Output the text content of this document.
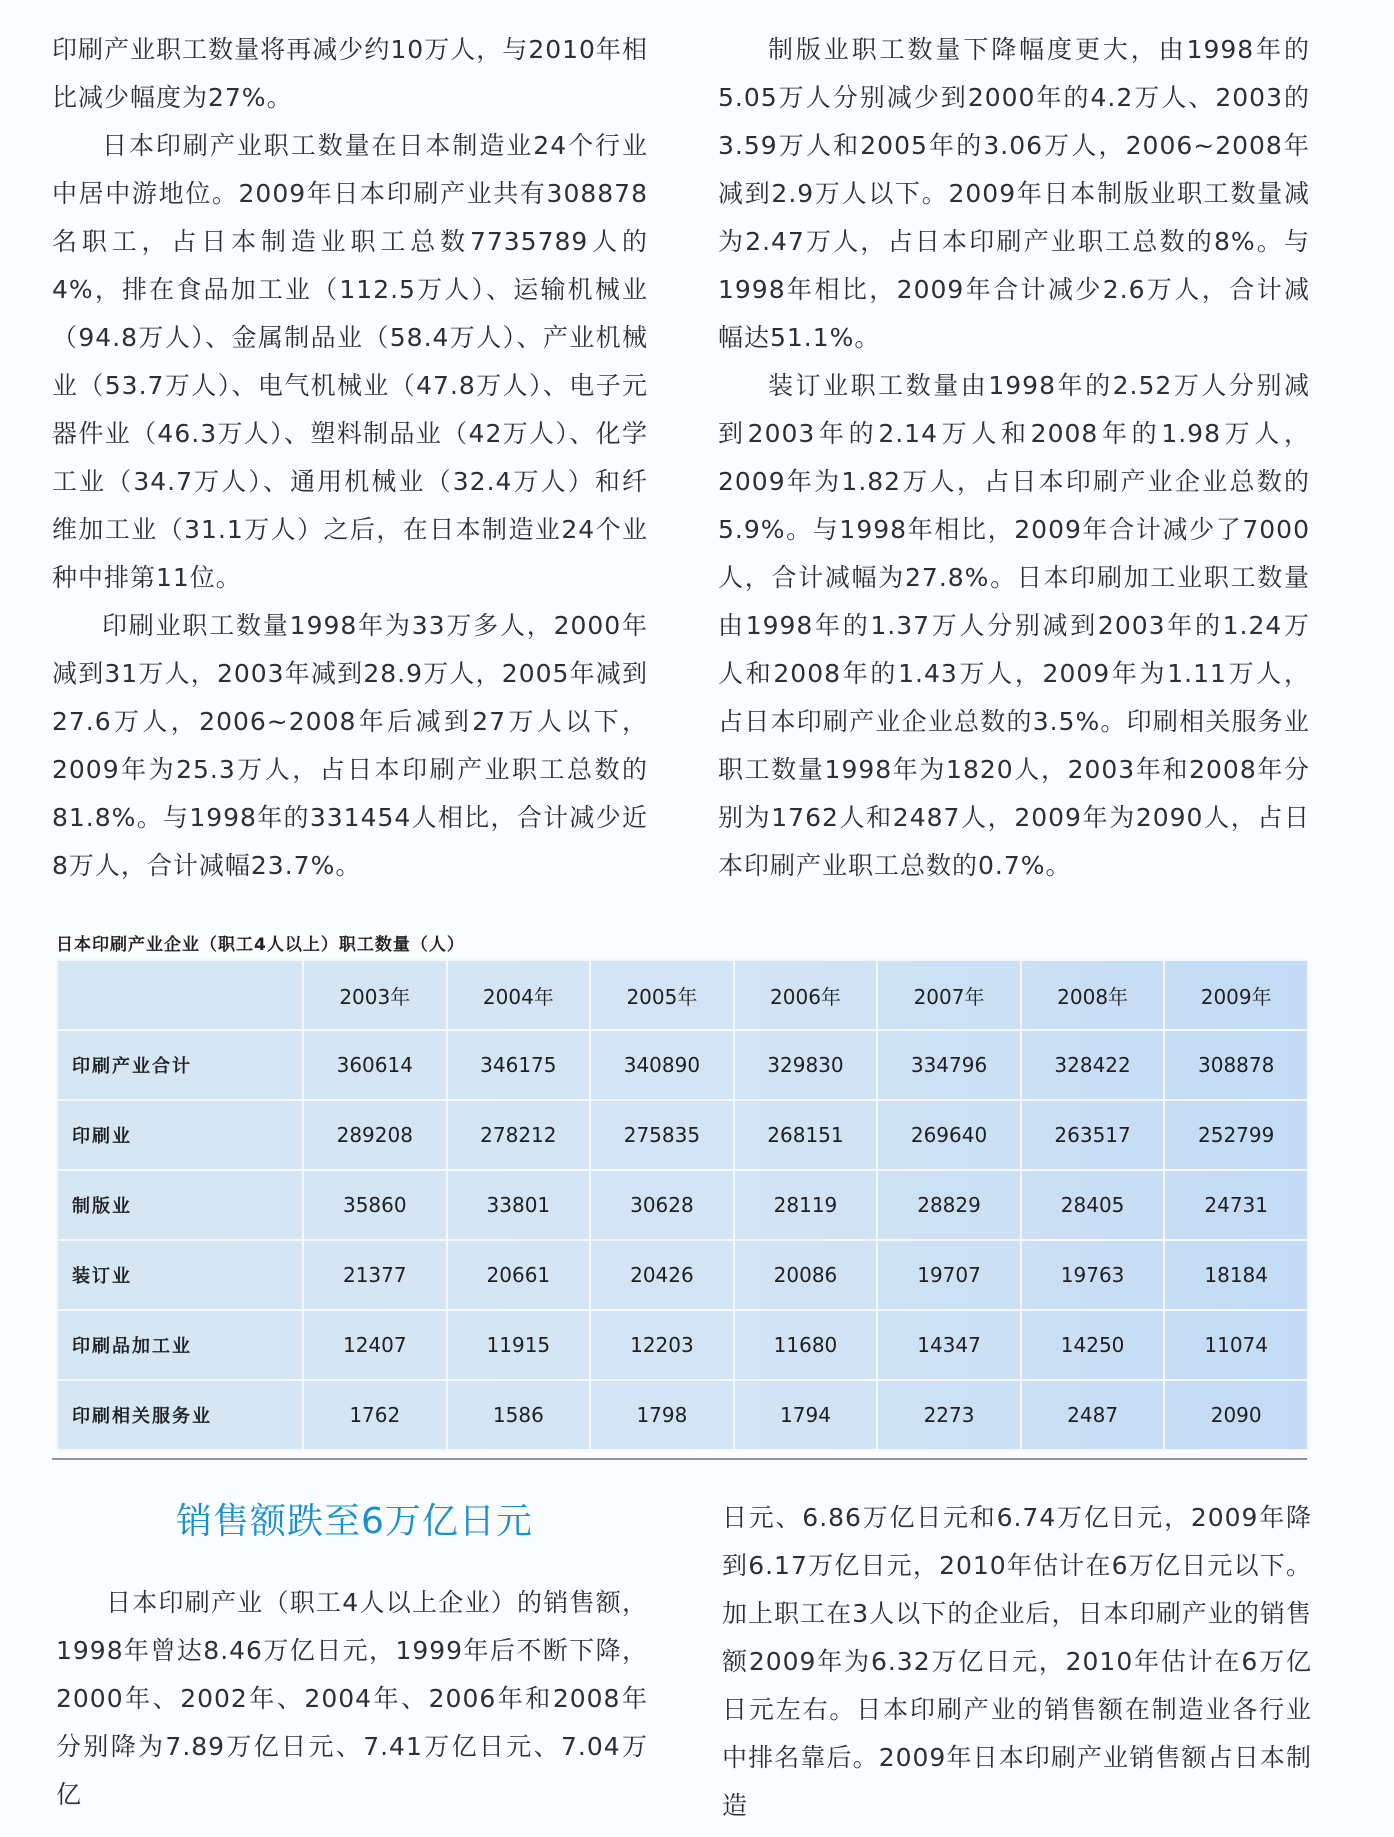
印刷产业职工数量将再减少约10万人，与2010年相比减少幅度为27%。

日本印刷产业职工数量在日本制造业24个行业中居中游地位。2009年日本印刷产业共有308878名职工，占日本制造业职工总数7735789人的4%，排在食品加工业（112.5万人）、运输机械业（94.8万人）、金属制品业（58.4万人）、产业机械业（53.7万人）、电气机械业（47.8万人）、电子元器件业（46.3万人）、塑料制品业（42万人）、化学工业（34.7万人）、通用机械业（32.4万人）和纤维加工业（31.1万人）之后，在日本制造业24个业种中排第11位。

印刷业职工数量1998年为33万多人，2000年减到31万人，2003年减到28.9万人，2005年减到27.6万人，2006~2008年后减到27万人以下，2009年为25.3万人，占日本印刷产业职工总数的81.8%。与1998年的331454人相比，合计减少近8万人，合计减幅23.7%。

制版业职工数量下降幅度更大，由1998年的5.05万人分别减少到2000年的4.2万人、2003的3.59万人和2005年的3.06万人，2006~2008年减到2.9万人以下。2009年日本制版业职工数量减为2.47万人，占日本印刷产业职工总数的8%。与1998年相比，2009年合计减少2.6万人，合计减幅达51.1%。

装订业职工数量由1998年的2.52万人分别减到2003年的2.14万人和2008年的1.98万人，2009年为1.82万人，占日本印刷产业企业总数的5.9%。与1998年相比，2009年合计减少了7000人，合计减幅为27.8%。日本印刷加工业职工数量由1998年的1.37万人分别减到2003年的1.24万人和2008年的1.43万人，2009年为1.11万人，占日本印刷产业企业总数的3.5%。印刷相关服务业职工数量1998年为1820人，2003年和2008年分别为1762人和2487人，2009年为2090人，占日本印刷产业职工总数的0.7%。

日本印刷产业企业（职工4人以上）职工数量（人）
	2003年	2004年	2005年	2006年	2007年	2008年	2009年
印刷产业合计	360614	346175	340890	329830	334796	328422	308878
印刷业	289208	278212	275835	268151	269640	263517	252799
制版业	35860	33801	30628	28119	28829	28405	24731
装订业	21377	20661	20426	20086	19707	19763	18184
印刷品加工业	12407	11915	12203	11680	14347	14250	11074
印刷相关服务业	1762	1586	1798	1794	2273	2487	2090
销售额跌至6万亿日元

日本印刷产业（职工4人以上企业）的销售额，1998年曾达8.46万亿日元，1999年后不断下降，2000年、2002年、2004年、2006年和2008年分别降为7.89万亿日元、7.41万亿日元、7.04万亿

日元、6.86万亿日元和6.74万亿日元，2009年降到6.17万亿日元，2010年估计在6万亿日元以下。加上职工在3人以下的企业后，日本印刷产业的销售额2009年为6.32万亿日元，2010年估计在6万亿日元左右。日本印刷产业的销售额在制造业各行业中排名靠后。2009年日本印刷产业销售额占日本制造
